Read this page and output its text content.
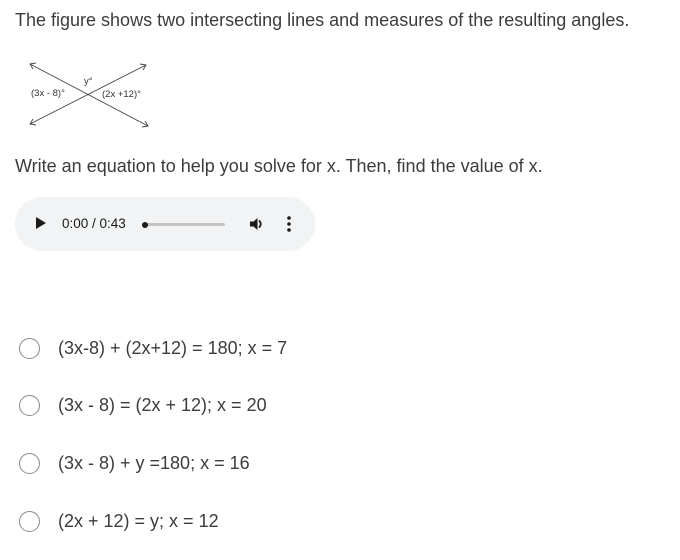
The figure shows two intersecting lines and measures of the resulting angles.
(3x - 8)°
y°
(2x +12)°
Write an equation to help you solve for x. Then, find the value of x.
0:00 / 0:43
(3x-8) + (2x+12) = 180; x = 7
(3x - 8) = (2x + 12); x = 20
(3x - 8) + y =180; x = 16
(2x + 12) = y; x = 12
